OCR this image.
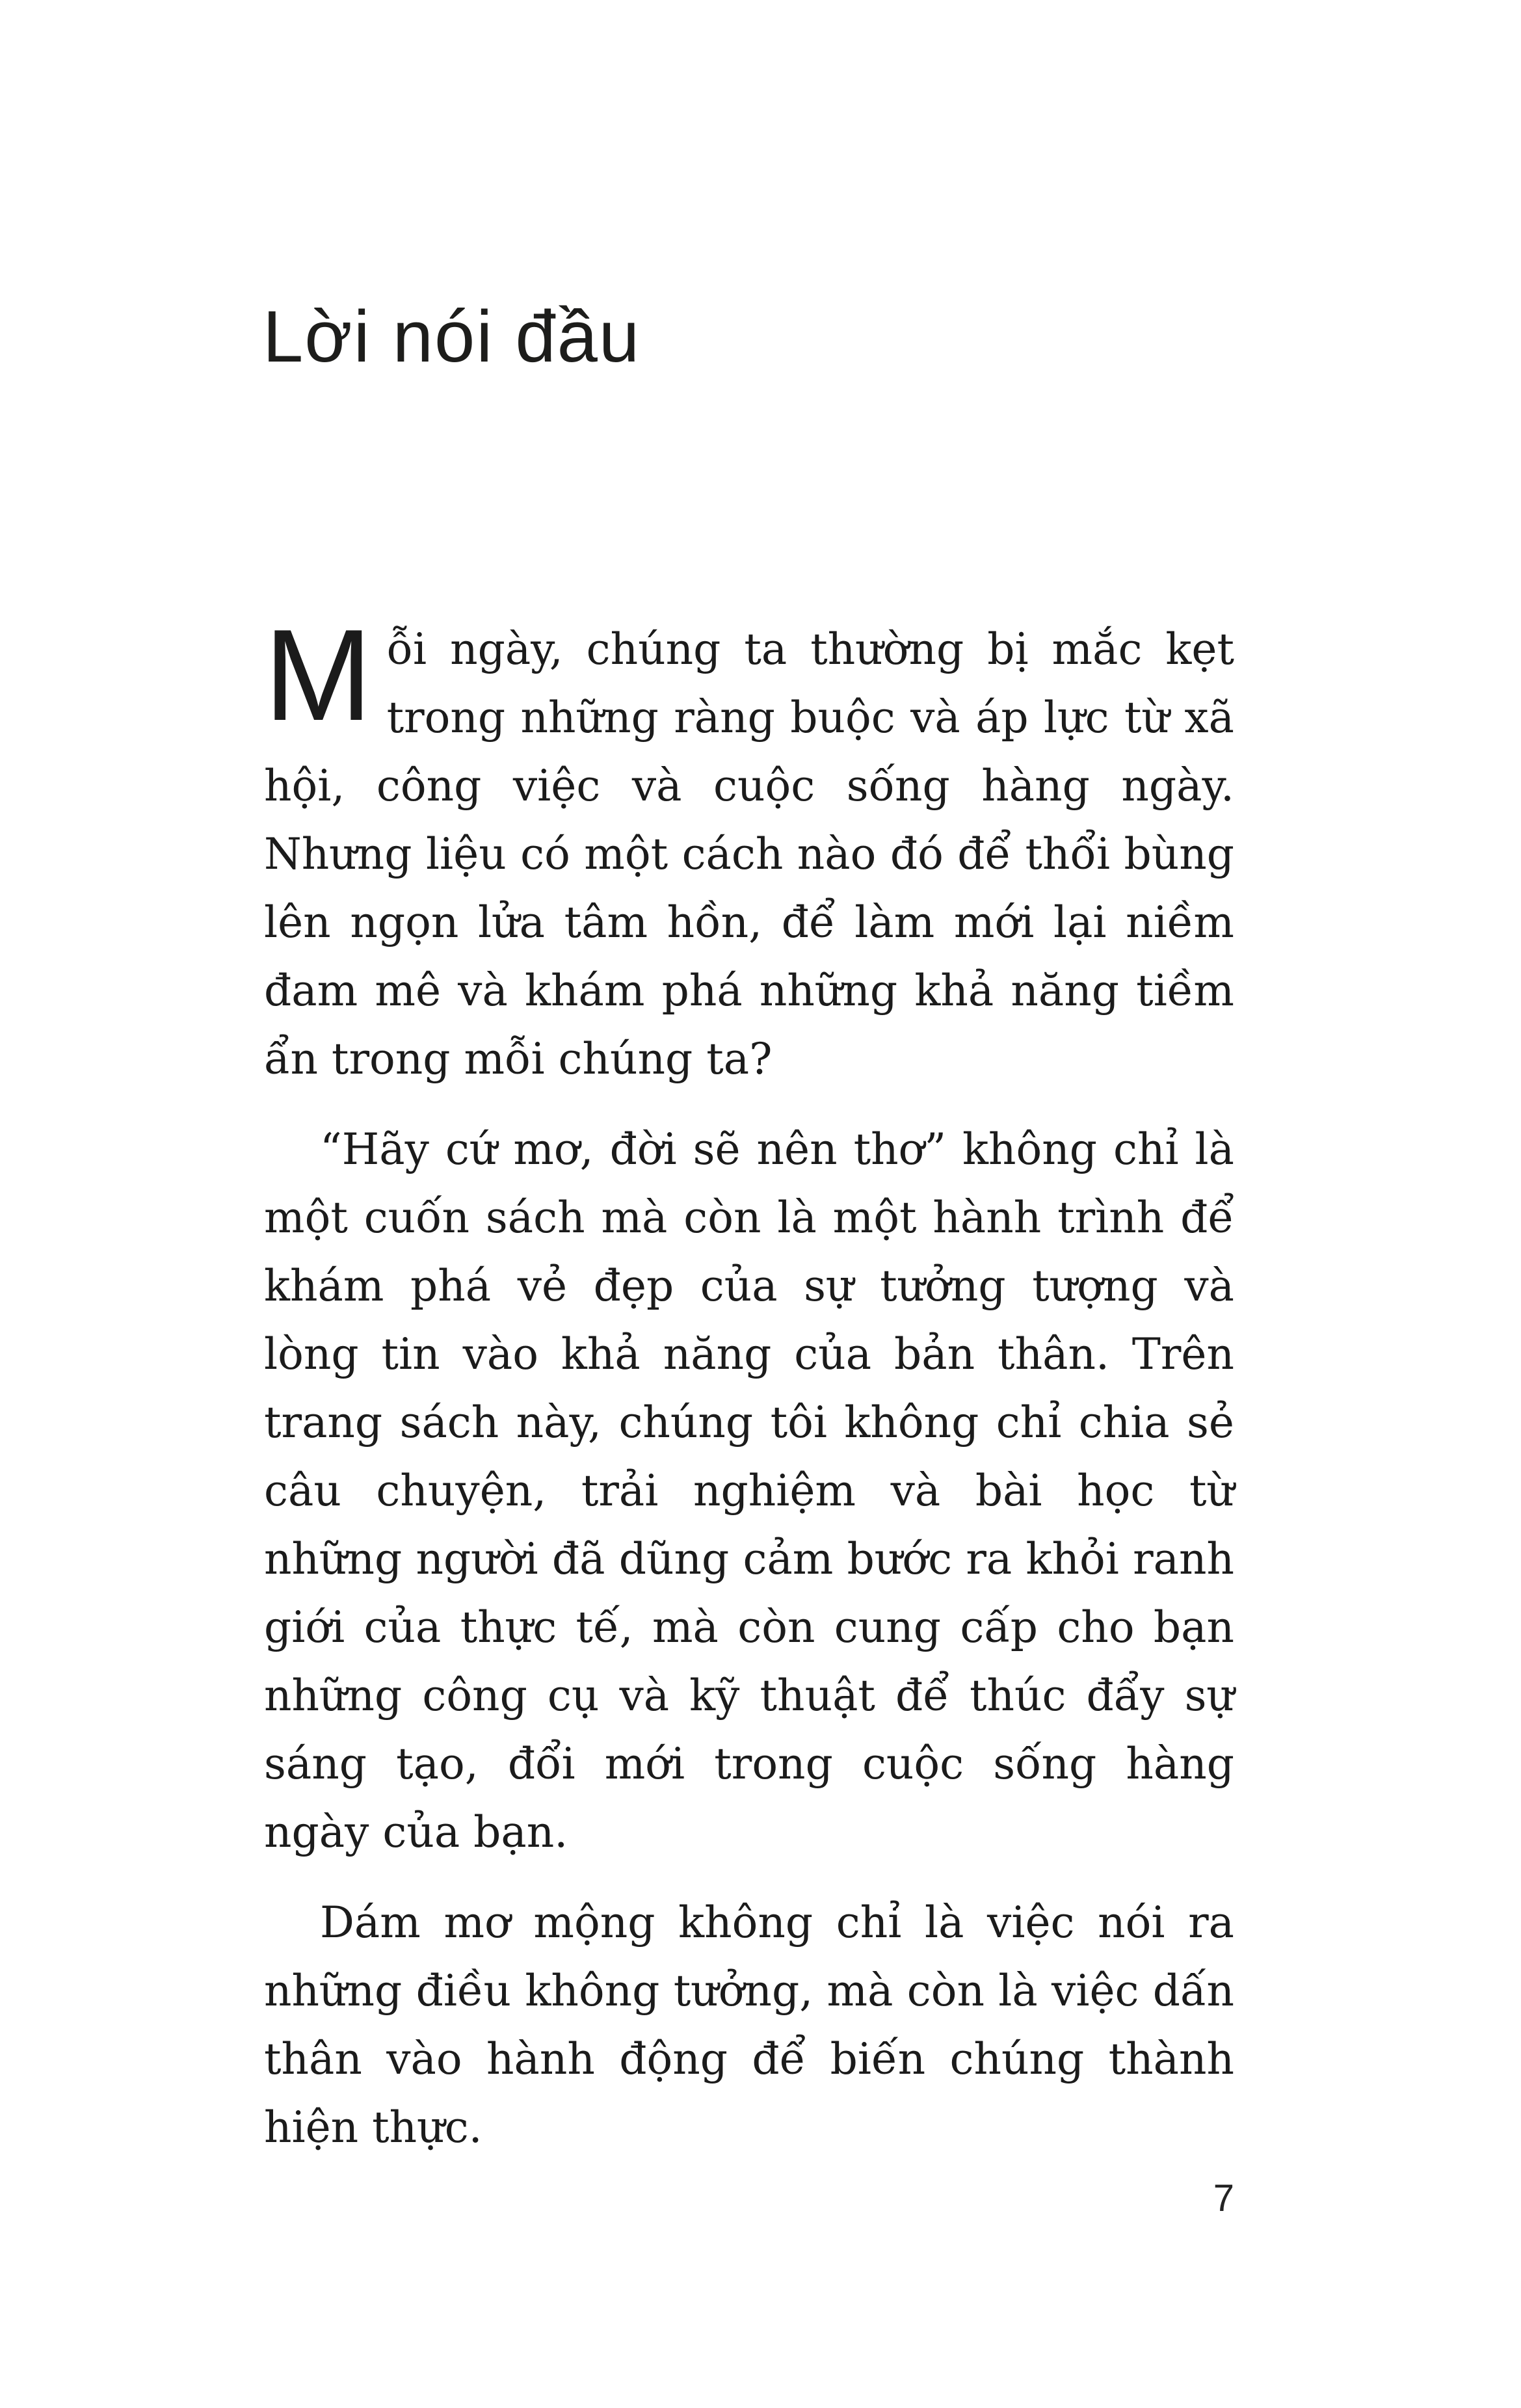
Lời nói đầu

Mỗi ngày, chúng ta thường bị mắc kẹt trong những ràng buộc và áp lực từ xã hội, công việc và cuộc sống hàng ngày. Nhưng liệu có một cách nào đó để thổi bùng lên ngọn lửa tâm hồn, để làm mới lại niềm đam mê và khám phá những khả năng tiềm ẩn trong mỗi chúng ta?

“Hãy cứ mơ, đời sẽ nên thơ” không chỉ là một cuốn sách mà còn là một hành trình để khám phá vẻ đẹp của sự tưởng tượng và lòng tin vào khả năng của bản thân. Trên trang sách này, chúng tôi không chỉ chia sẻ câu chuyện, trải nghiệm và bài học từ những người đã dũng cảm bước ra khỏi ranh giới của thực tế, mà còn cung cấp cho bạn những công cụ và kỹ thuật để thúc đẩy sự sáng tạo, đổi mới trong cuộc sống hàng ngày của bạn.

Dám mơ mộng không chỉ là việc nói ra những điều không tưởng, mà còn là việc dấn thân vào hành động để biến chúng thành hiện thực.

7
